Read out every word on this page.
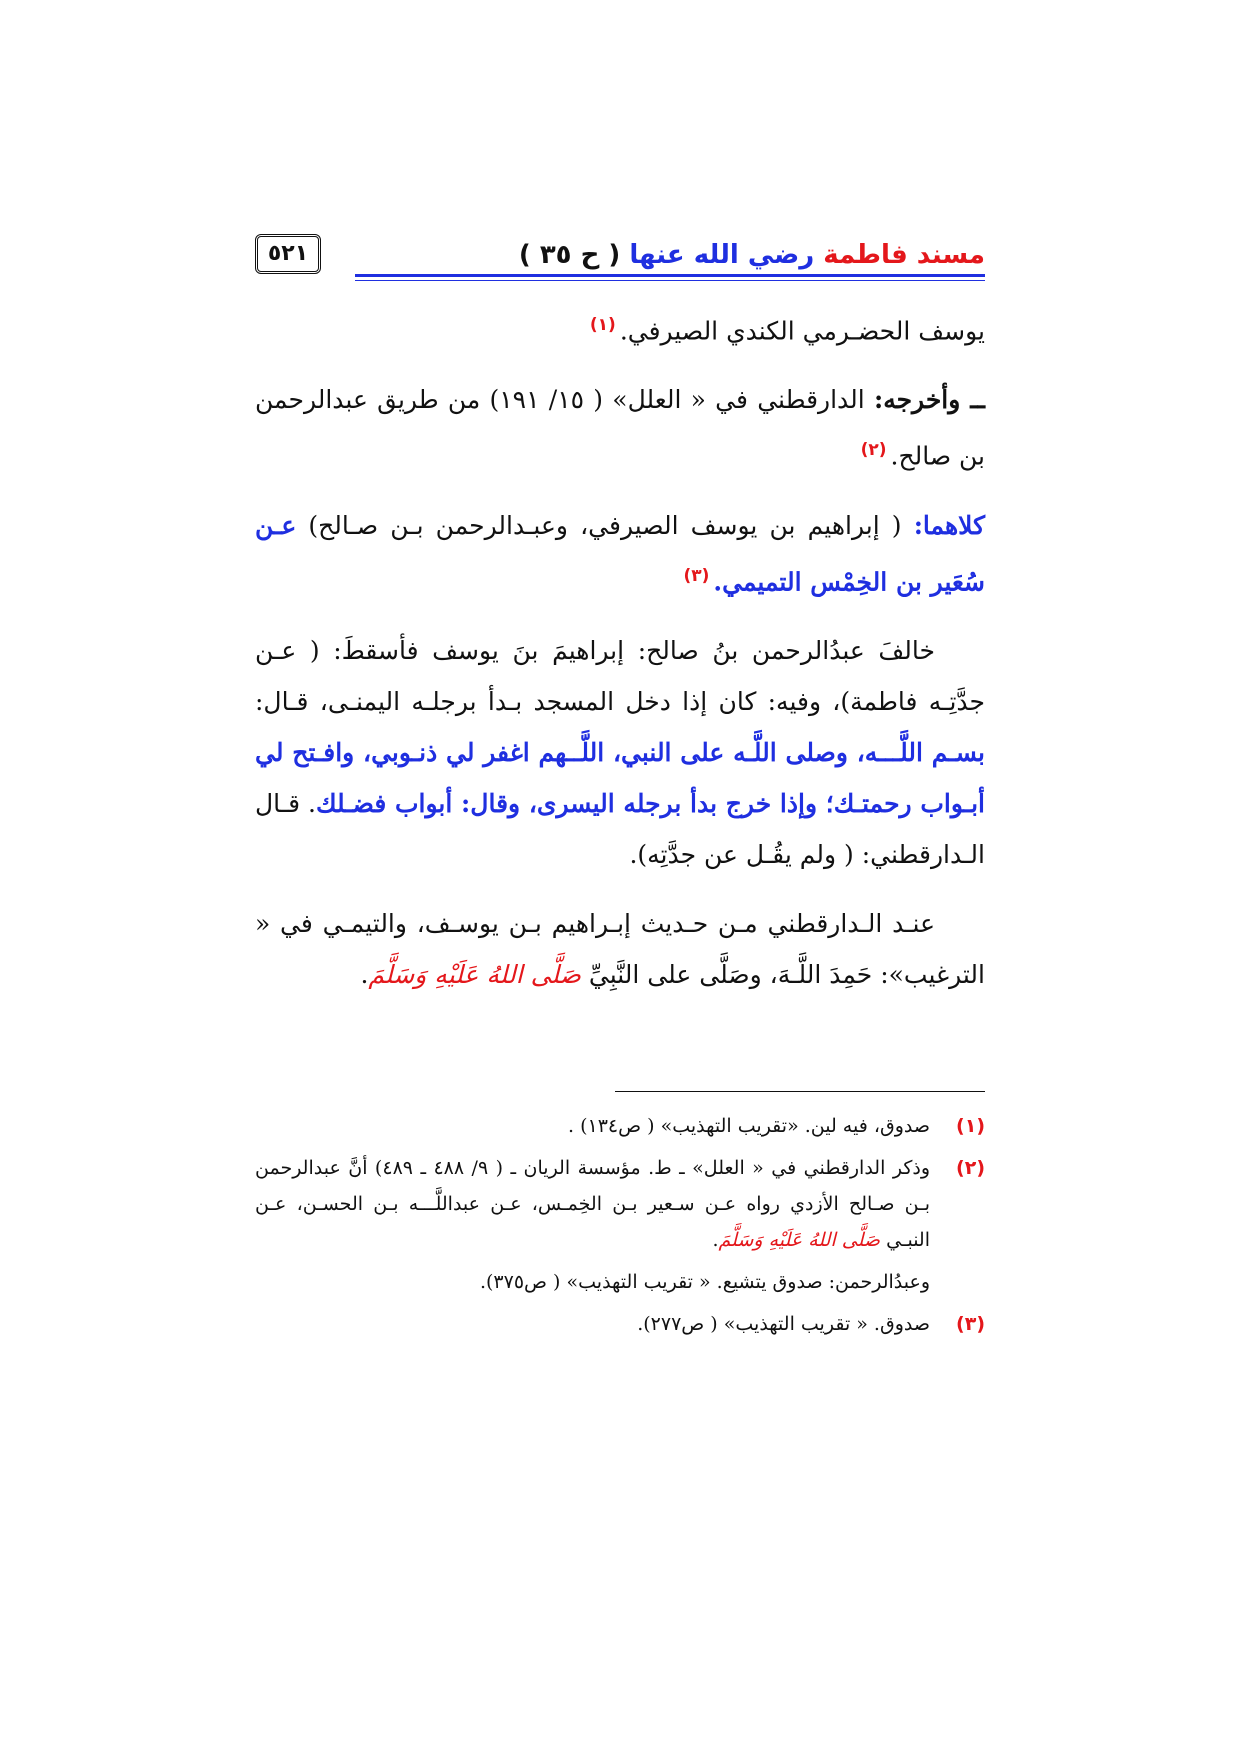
مسند فاطمة رضي الله عنها ( ح ٣٥ )
٥٢١

يوسف الحضـرمي الكندي الصيرفي.$^{(١)}$

ــ وأخرجه: الدارقطني في « العلل» ( ١٥/ ١٩١) من طريق عبدالرحمن بن صالح.$^{(٢)}$

كلاهما: ( إبراهيم بن يوسف الصيرفي، وعبـدالرحمن بـن صـالح) عـن سُعَير بن الخِمْس التميمي.$^{(٣)}$

خالفَ عبدُالرحمن بنُ صالح: إبراهيمَ بنَ يوسف فأسقطَ: ( عـن جدَّتِـه فاطمة)، وفيه: كان إذا دخل المسجد بـدأ برجلـه اليمنـى، قـال: بسـم اللَّـــه، وصلى اللَّـه على النبي، اللَّــهم اغفر لي ذنـوبي، وافـتح لي أبـواب رحمتـك؛ وإذا خرج بدأ برجله اليسرى، وقال: أبواب فضـلك. قـال الـدارقطني: ( ولم يقُـل عن جدَّتِه).

عنـد الـدارقطني مـن حـديث إبـراهيم بـن يوسـف، والتيمـي في « الترغيب»: حَمِدَ اللَّـهَ، وصَلَّى على النَّبِيِّ صَلَّى اللهُ عَلَيْهِ وَسَلَّمَ.

(١)
صدوق، فيه لين. «تقريب التهذيب» ( ص١٣٤) .
(٢)
وذكر الدارقطني في « العلل» ـ ط. مؤسسة الريان ـ ( ٩/ ٤٨٨ ـ ٤٨٩) أنَّ عبدالرحمن بـن صـالح الأزدي رواه عـن سـعير بـن الخِمـس، عـن عبداللَّـــه بـن الحسـن، عـن النبـي صَلَّى اللهُ عَلَيْهِ وَسَلَّمَ.
وعبدُالرحمن: صدوق يتشيع. « تقريب التهذيب» ( ص٣٧٥).
(٣)
صدوق. « تقريب التهذيب» ( ص٢٧٧).
